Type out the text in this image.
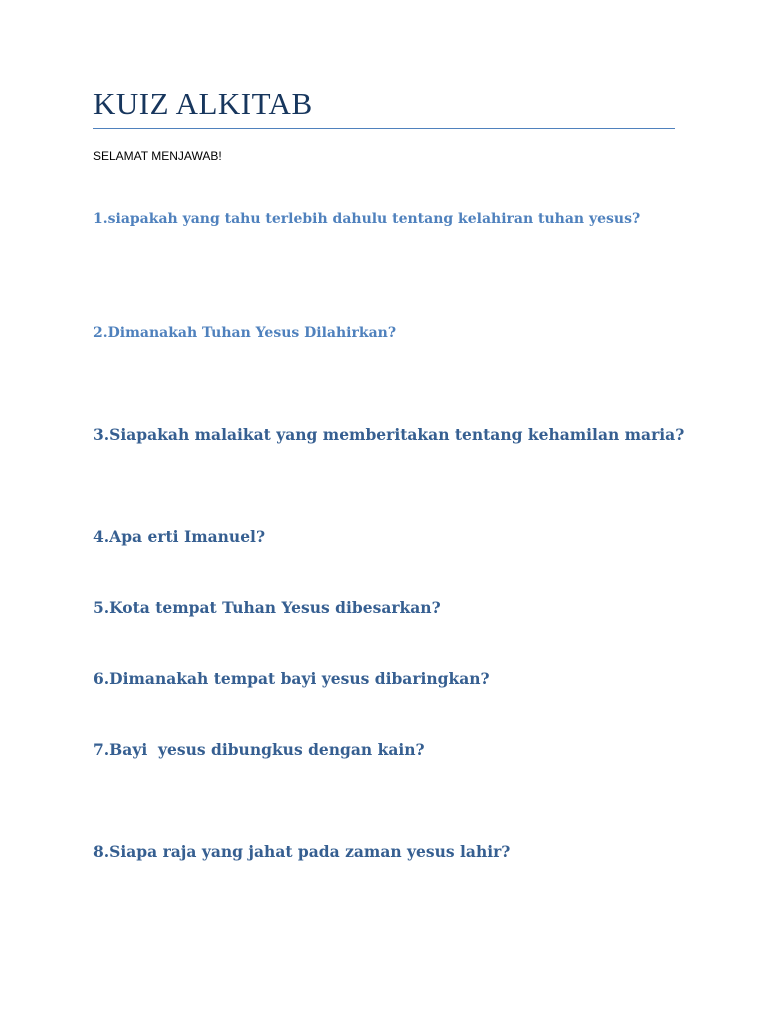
KUIZ ALKITAB
SELAMAT MENJAWAB!
1.siapakah yang tahu terlebih dahulu tentang kelahiran tuhan yesus?
2.Dimanakah Tuhan Yesus Dilahirkan?
3.Siapakah malaikat yang memberitakan tentang kehamilan maria?
4.Apa erti Imanuel?
5.Kota tempat Tuhan Yesus dibesarkan?
6.Dimanakah tempat bayi yesus dibaringkan?
7.Bayi  yesus dibungkus dengan kain?
8.Siapa raja yang jahat pada zaman yesus lahir?
